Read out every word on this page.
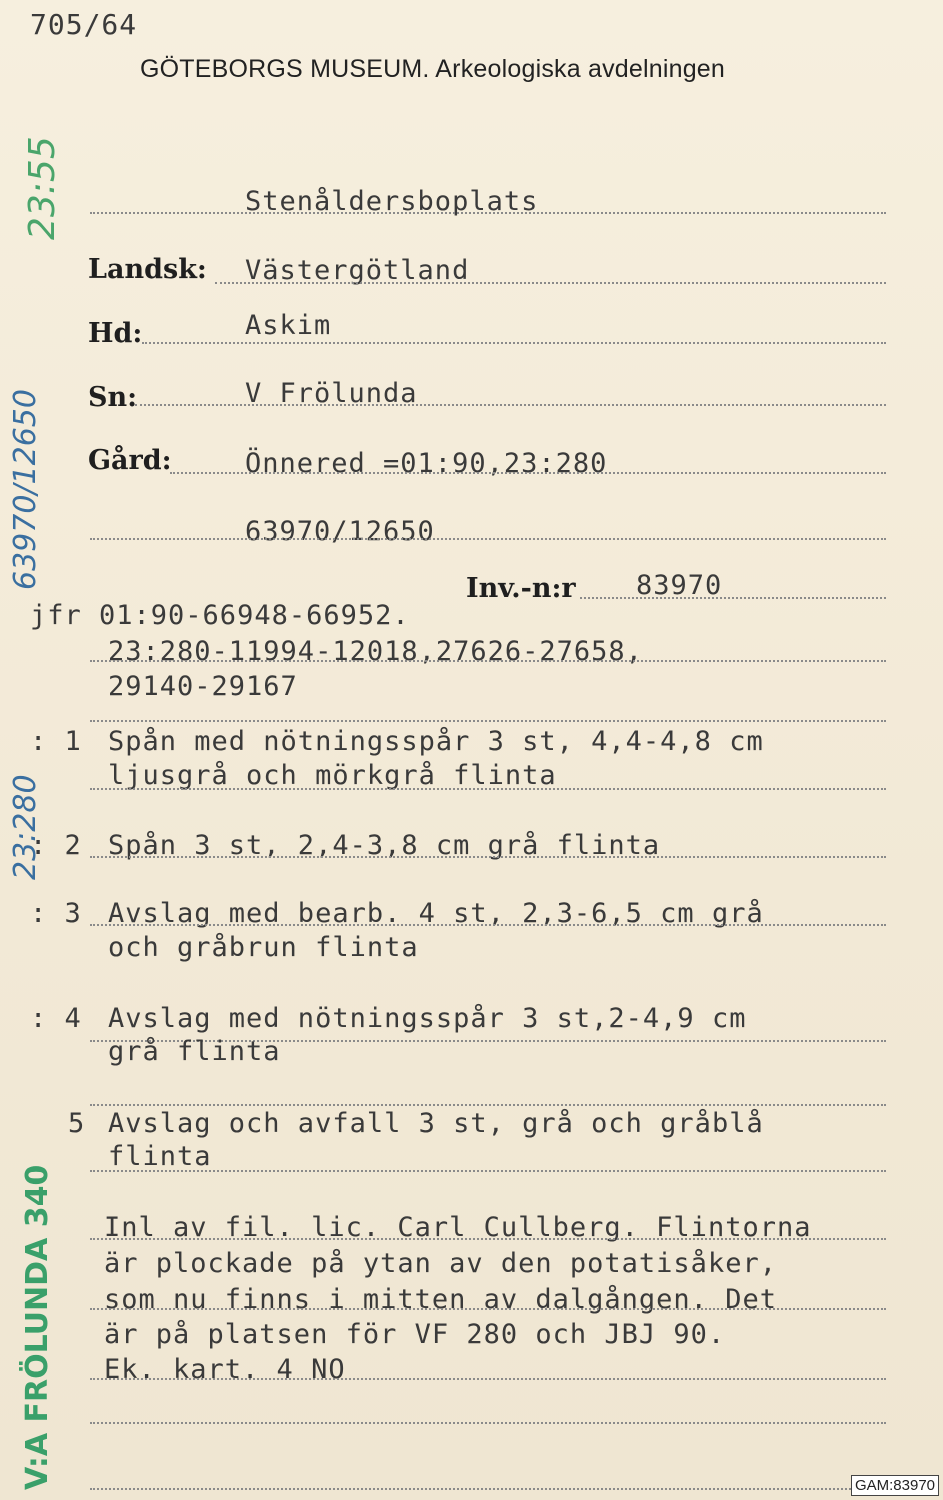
705/64
GÖTEBORGS MUSEUM. Arkeologiska avdelningen
23:55
63970/12650
23:280
V:A FRÖLUNDA 340
Stenåldersboplats
Landsk: Västergötland
Hd:	Askim
Sn:	V Frölunda
Gård:	Önnered =01:90,23:280
63970/12650
Inv.-n:r 83970
jfr 01:90-66948-66952.
23:280-11994-12018,27626-27658,
29140-29167
: 1 Spån med nötningsspår 3 st, 4,4-4,8 cm
ljusgrå och mörkgrå flinta
: 2 Spån 3 st, 2,4-3,8 cm grå flinta
: 3 Avslag med bearb. 4 st, 2,3-6,5 cm grå
och gråbrun flinta
: 4 Avslag med nötningsspår 3 st,2-4,9 cm
grå flinta
5 Avslag och avfall 3 st, grå och gråblå
flinta
Inl av fil. lic. Carl Cullberg. Flintorna
är plockade på ytan av den potatisåker,
som nu finns i mitten av dalgången. Det
är på platsen för VF 280 och JBJ 90.
Ek. kart. 4 NO
GAM:83970
